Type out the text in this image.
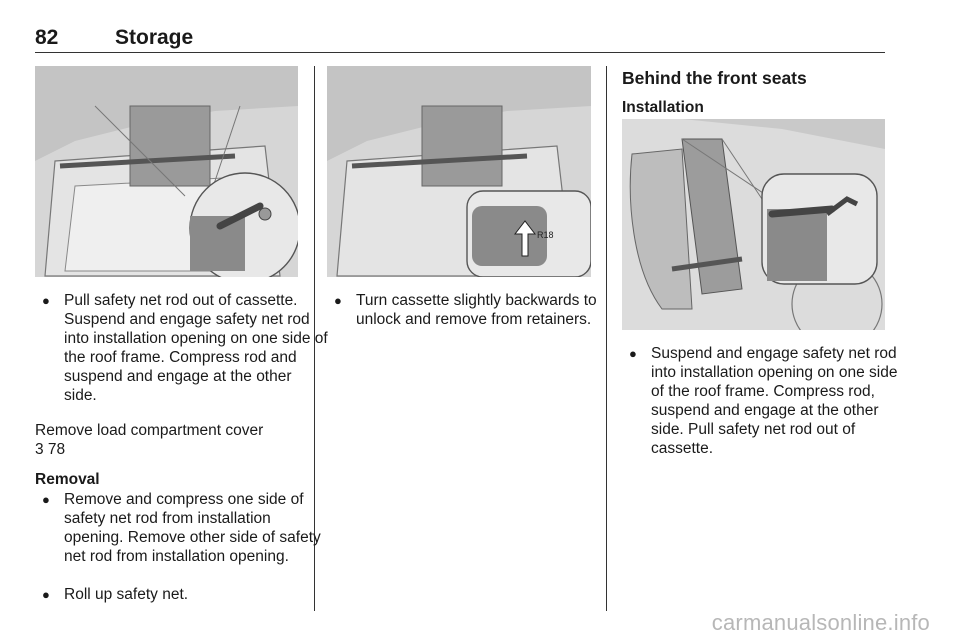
82	Storage
● Pull safety net rod out of cassette. Suspend and engage safety net rod into installation opening on one side of the roof frame. Compress rod and suspend and engage at the other side.
Remove load compartment cover
3 78
Removal
● Remove and compress one side of safety net rod from installation opening. Remove other side of safety net rod from installation opening.
● Roll up safety net.
R18
● Turn cassette slightly backwards to unlock and remove from retainers.
Behind the front seats
Installation
● Suspend and engage safety net rod into installation opening on one side of the roof frame. Compress rod, suspend and engage at the other side. Pull safety net rod out of cassette.
carmanualsonline.info
